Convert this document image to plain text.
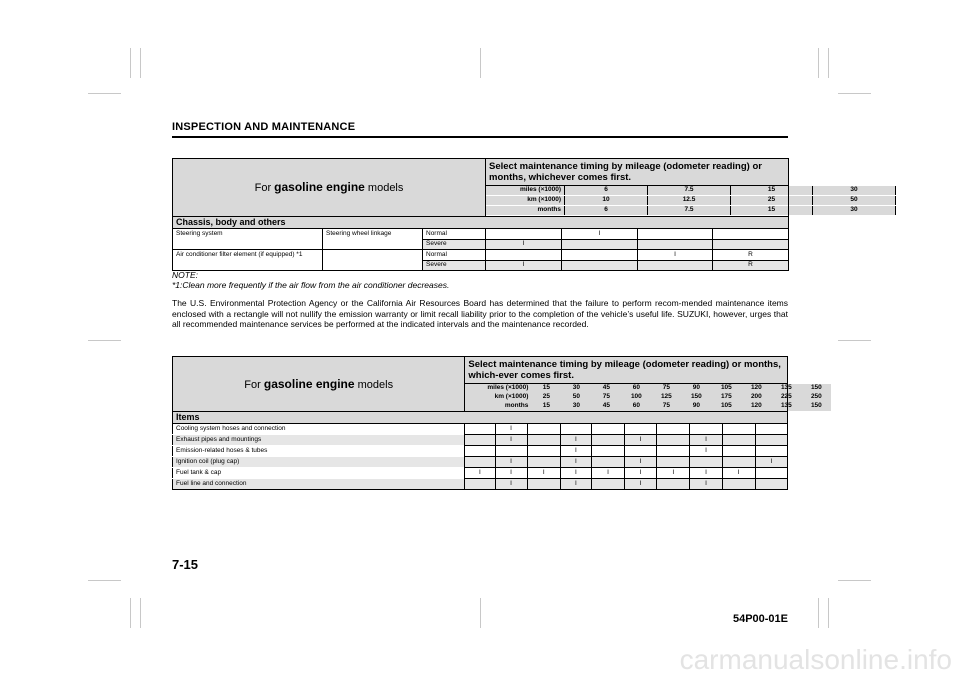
INSPECTION AND MAINTENANCE
For gasoline engine models	Select maintenance timing by mileage (odometer reading) or months, whichever comes first.

miles (×1000)	6	7.5	15	30
km (×1000)	10	12.5	25	50
months	6	7.5	15	30

Chassis, body and others
Steering system	Steering wheel linkage	Normal		I		
		Severe	I			
Air conditioner filter element (if equipped) *1		Normal			I	R
		Severe	I			R
NOTE:
*1:Clean more frequently if the air flow from the air conditioner decreases.
The U.S. Environmental Protection Agency or the California Air Resources Board has determined that the failure to perform recom-mended maintenance items enclosed with a rectangle will not nullify the emission warranty or limit recall liability prior to the completion of the vehicle’s useful life. SUZUKI, however, urges that all recommended maintenance services be performed at the indicated intervals and the maintenance recorded.
For gasoline engine models	Select maintenance timing by mileage (odometer reading) or months, which-ever comes first.

miles (×1000)	15	30	45	60	75	90	105	120	135	150
km (×1000)	25	50	75	100	125	150	175	200	225	250
months	15	30	45	60	75	90	105	120	135	150

Items
Cooling system hoses and connection		I								
Exhaust pipes and mountings		I		I		I		I		
Emission-related hoses & tubes				I				I		
Ignition coil (plug cap)		I		I		I				I
Fuel tank & cap	I	I	I	I	I	I	I	I	I	
Fuel line and connection		I		I		I		I		
7-15
54P00-01E
carmanualsonline.info
